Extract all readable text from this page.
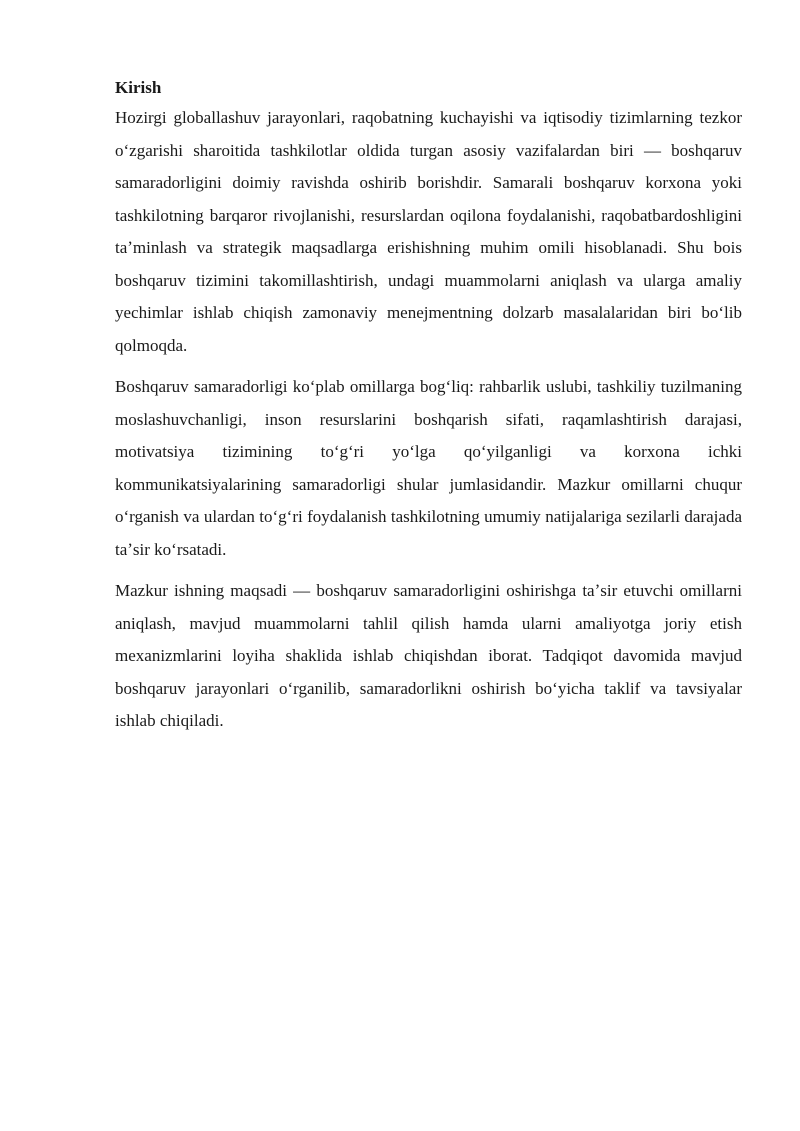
Kirish

Hozirgi globallashuv jarayonlari, raqobatning kuchayishi va iqtisodiy tizimlarning tezkor oʻzgarishi sharoitida tashkilotlar oldida turgan asosiy vazifalardan biri — boshqaruv samaradorligini doimiy ravishda oshirib borishdir. Samarali boshqaruv korxona yoki tashkilotning barqaror rivojlanishi, resurslardan oqilona foydalanishi, raqobatbardoshligini taʼminlash va strategik maqsadlarga erishishning muhim omili hisoblanadi. Shu bois boshqaruv tizimini takomillashtirish, undagi muammolarni aniqlash va ularga amaliy yechimlar ishlab chiqish zamonaviy menejmentning dolzarb masalalaridan biri boʻlib qolmoqda.

Boshqaruv samaradorligi koʻplab omillarga bogʻliq: rahbarlik uslubi, tashkiliy tuzilmaning moslashuvchanligi, inson resurslarini boshqarish sifati, raqamlashtirish darajasi, motivatsiya tizimining toʻgʻri yoʻlga qoʻyilganligi va korxona ichki kommunikatsiyalarining samaradorligi shular jumlasidandir. Mazkur omillarni chuqur oʻrganish va ulardan toʻgʻri foydalanish tashkilotning umumiy natijalariga sezilarli darajada taʼsir koʻrsatadi.

Mazkur ishning maqsadi — boshqaruv samaradorligini oshirishga taʼsir etuvchi omillarni aniqlash, mavjud muammolarni tahlil qilish hamda ularni amaliyotga joriy etish mexanizmlarini loyiha shaklida ishlab chiqishdan iborat. Tadqiqot davomida mavjud boshqaruv jarayonlari oʻrganilib, samaradorlikni oshirish boʻyicha taklif va tavsiyalar ishlab chiqiladi.
